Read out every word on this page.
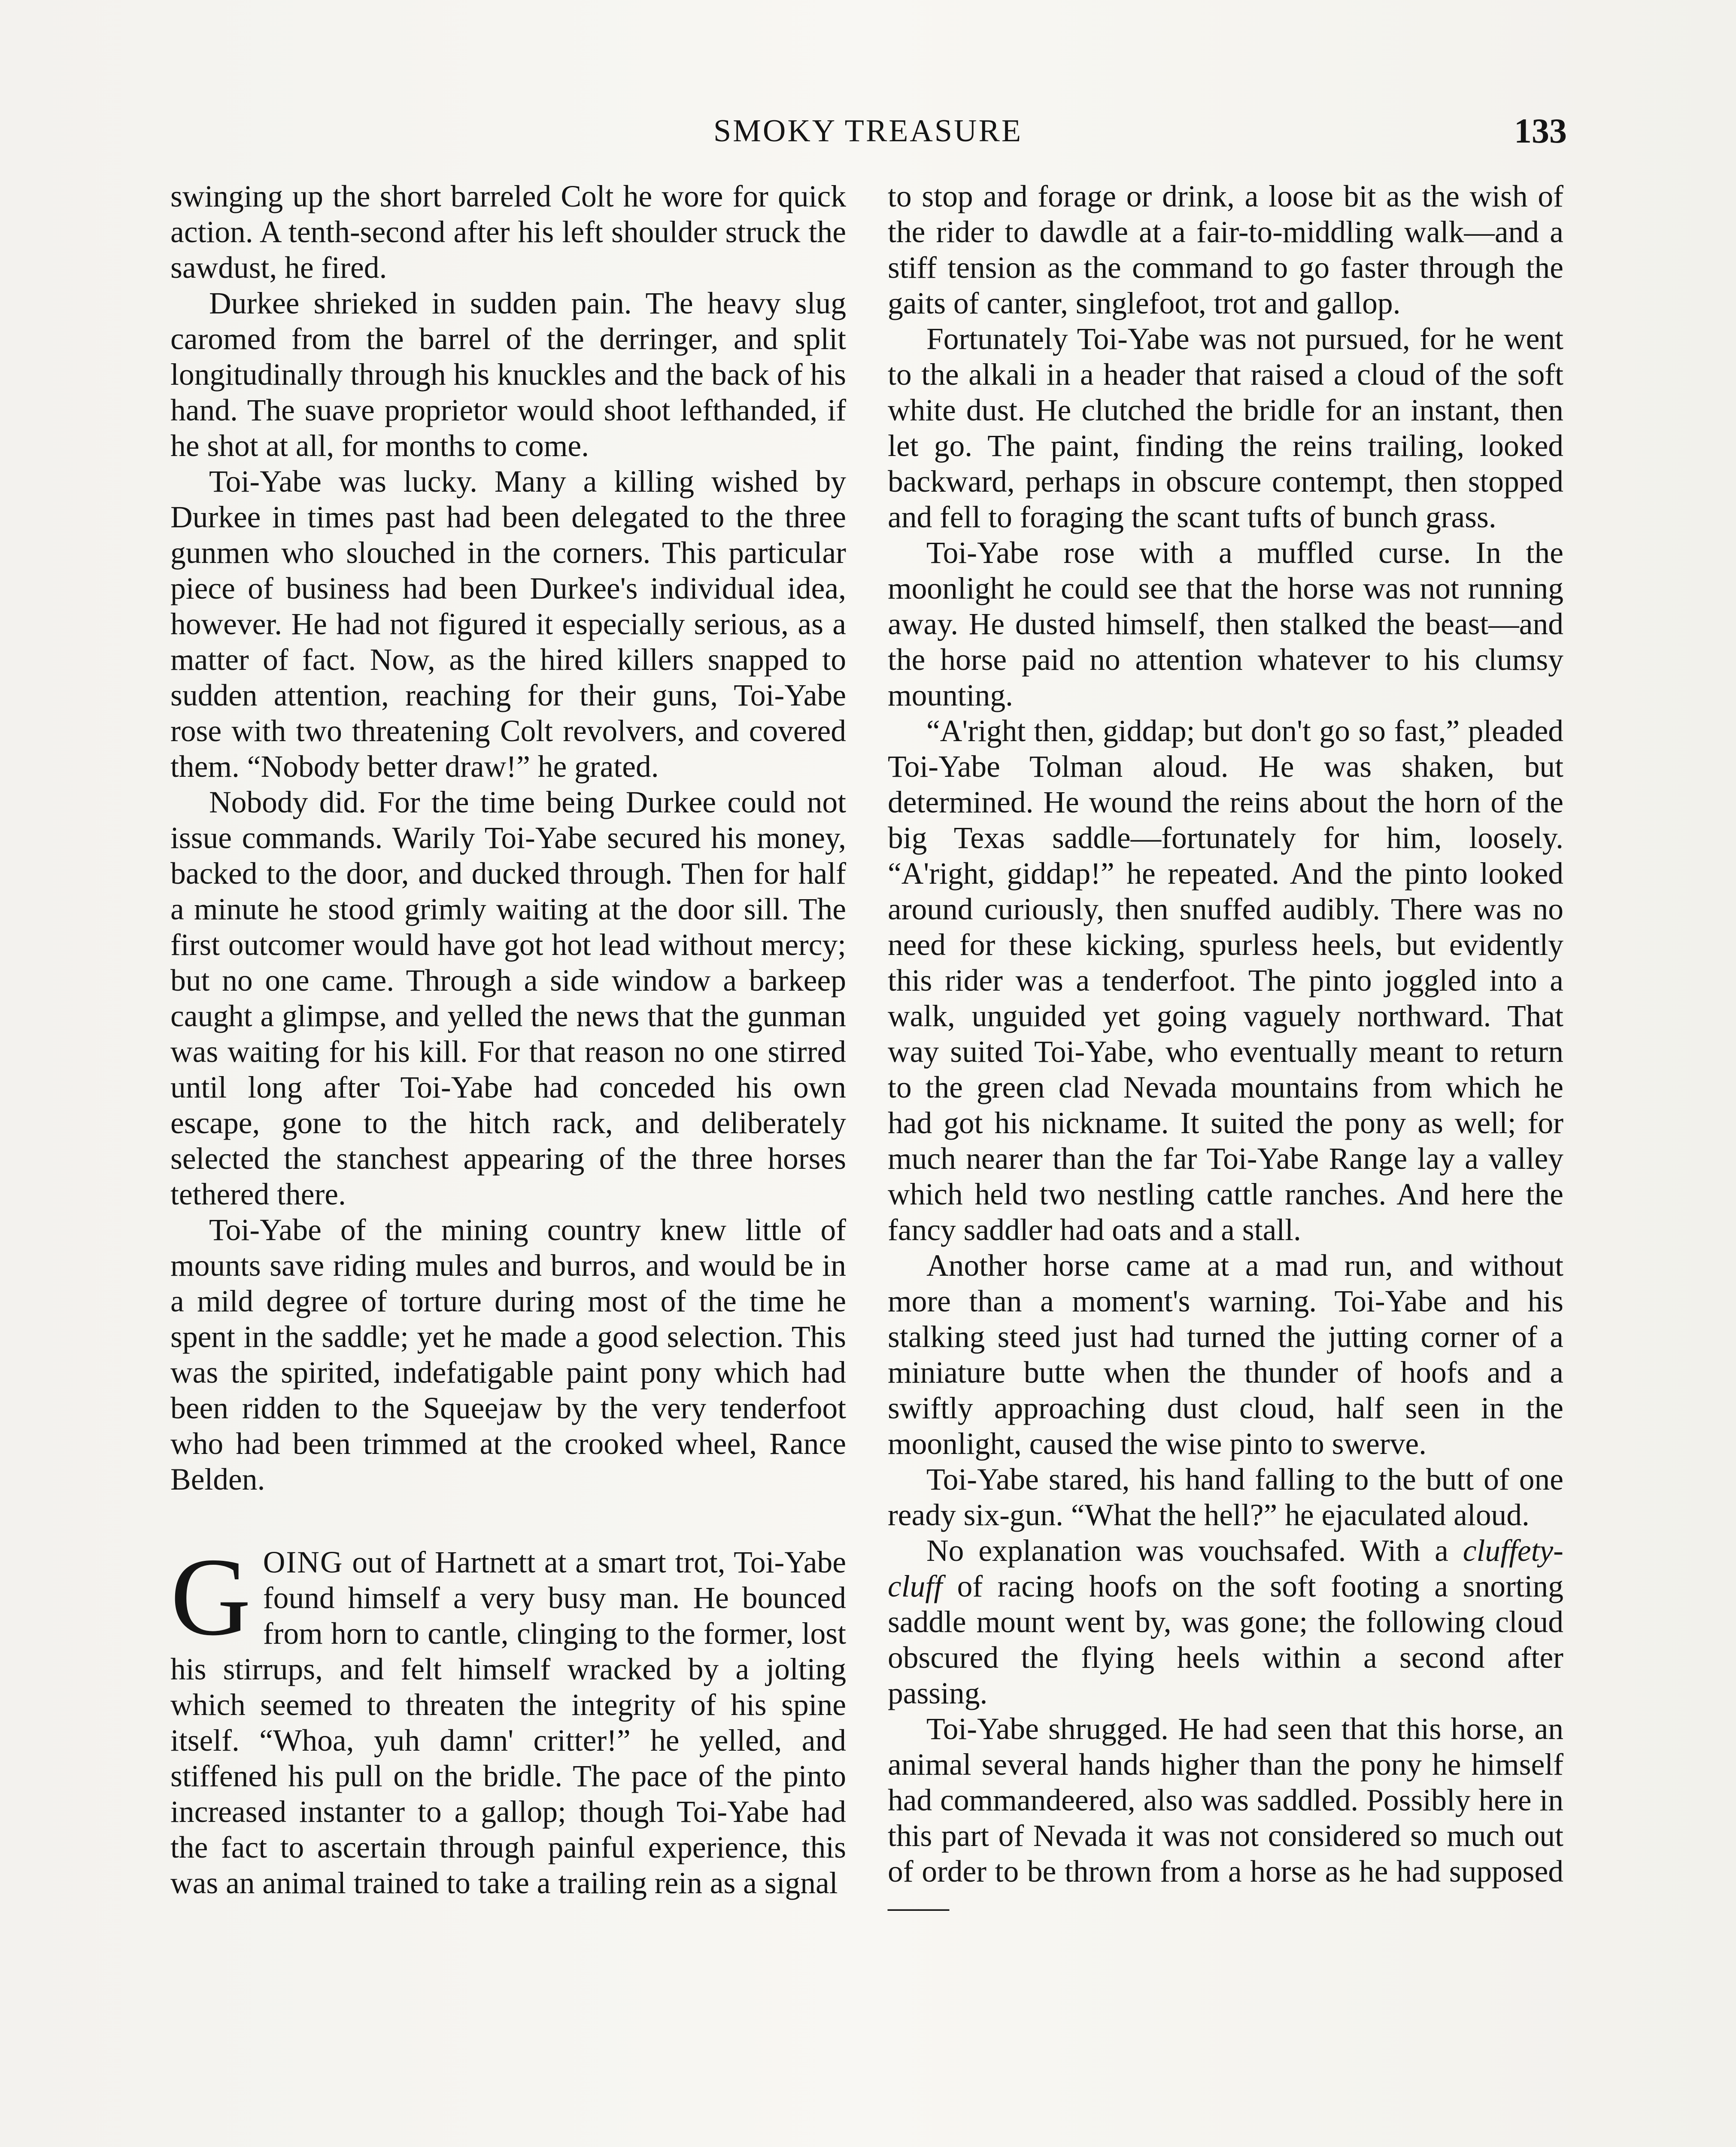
SMOKY TREASURE	133

swinging up the short barreled Colt he wore for quick action. A tenth-second after his left shoulder struck the sawdust, he fired.

Durkee shrieked in sudden pain. The heavy slug caromed from the barrel of the derringer, and split longitudinally through his knuckles and the back of his hand. The suave proprietor would shoot lefthanded, if he shot at all, for months to come.

Toi-Yabe was lucky. Many a killing wished by Durkee in times past had been delegated to the three gunmen who slouched in the corners. This particular piece of business had been Durkee's individual idea, however. He had not figured it especially serious, as a matter of fact. Now, as the hired killers snapped to sudden attention, reaching for their guns, Toi-Yabe rose with two threatening Colt revolvers, and covered them. “Nobody better draw!” he grated.

Nobody did. For the time being Durkee could not issue commands. Warily Toi-Yabe secured his money, backed to the door, and ducked through. Then for half a minute he stood grimly waiting at the door sill. The first outcomer would have got hot lead without mercy; but no one came. Through a side window a barkeep caught a glimpse, and yelled the news that the gunman was waiting for his kill. For that reason no one stirred until long after Toi-Yabe had conceded his own escape, gone to the hitch rack, and deliberately selected the stanchest appearing of the three horses tethered there.

Toi-Yabe of the mining country knew little of mounts save riding mules and burros, and would be in a mild degree of torture during most of the time he spent in the saddle; yet he made a good selection. This was the spirited, indefatigable paint pony which had been ridden to the Squeejaw by the very tenderfoot who had been trimmed at the crooked wheel, Rance Belden.

GOING out of Hartnett at a smart trot, Toi-Yabe found himself a very busy man. He bounced from horn to cantle, clinging to the former, lost his stirrups, and felt himself wracked by a jolting which seemed to threaten the integrity of his spine itself. “Whoa, yuh damn' critter!” he yelled, and stiffened his pull on the bridle. The pace of the pinto increased instanter to a gallop; though Toi-Yabe had the fact to ascertain through painful experience, this was an animal trained to take a trailing rein as a signal

to stop and forage or drink, a loose bit as the wish of the rider to dawdle at a fair-to-middling walk—and a stiff tension as the command to go faster through the gaits of canter, singlefoot, trot and gallop.

Fortunately Toi-Yabe was not pursued, for he went to the alkali in a header that raised a cloud of the soft white dust. He clutched the bridle for an instant, then let go. The paint, finding the reins trailing, looked backward, perhaps in obscure contempt, then stopped and fell to foraging the scant tufts of bunch grass.

Toi-Yabe rose with a muffled curse. In the moonlight he could see that the horse was not running away. He dusted himself, then stalked the beast—and the horse paid no attention whatever to his clumsy mounting.

“A'right then, giddap; but don't go so fast,” pleaded Toi-Yabe Tolman aloud. He was shaken, but determined. He wound the reins about the horn of the big Texas saddle—fortunately for him, loosely. “A'right, giddap!” he repeated. And the pinto looked around curiously, then snuffed audibly. There was no need for these kicking, spurless heels, but evidently this rider was a tenderfoot. The pinto joggled into a walk, unguided yet going vaguely northward. That way suited Toi-Yabe, who eventually meant to return to the green clad Nevada mountains from which he had got his nickname. It suited the pony as well; for much nearer than the far Toi-Yabe Range lay a valley which held two nestling cattle ranches. And here the fancy saddler had oats and a stall.

Another horse came at a mad run, and without more than a moment's warning. Toi-Yabe and his stalking steed just had turned the jutting corner of a miniature butte when the thunder of hoofs and a swiftly approaching dust cloud, half seen in the moonlight, caused the wise pinto to swerve.

Toi-Yabe stared, his hand falling to the butt of one ready six-gun. “What the hell?” he ejaculated aloud.

No explanation was vouchsafed. With a cluffety-cluff of racing hoofs on the soft footing a snorting saddle mount went by, was gone; the following cloud obscured the flying heels within a second after passing.

Toi-Yabe shrugged. He had seen that this horse, an animal several hands higher than the pony he himself had commandeered, also was saddled. Possibly here in this part of Nevada it was not considered so much out of order to be thrown from a horse as he had supposed——
